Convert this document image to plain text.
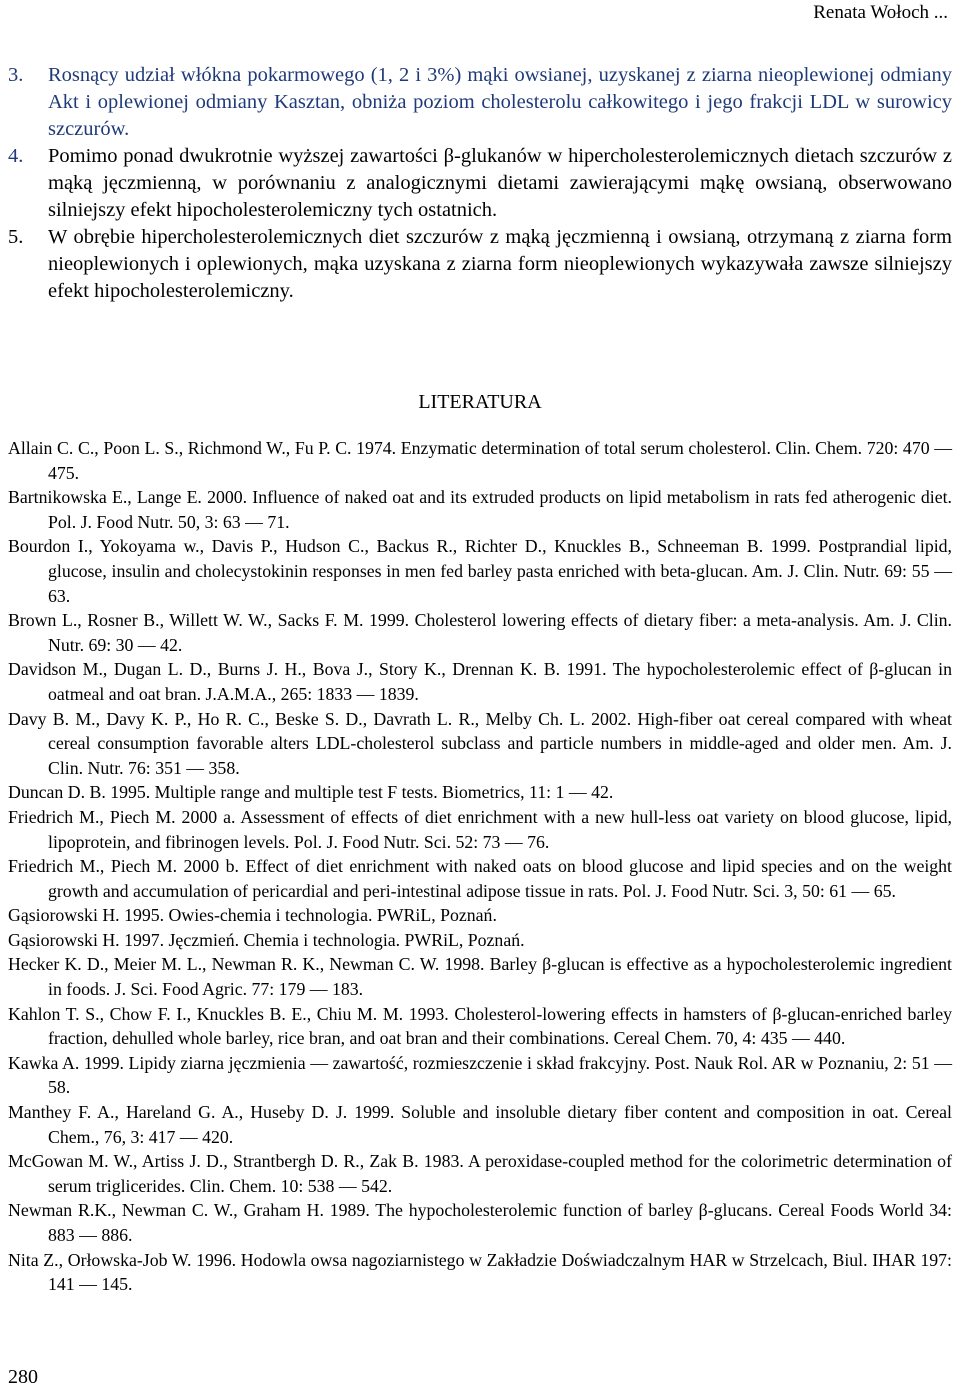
Renata Wołoch ...

3. Rosnący udział włókna pokarmowego (1, 2 i 3%) mąki owsianej, uzyskanej z ziarna nieoplewionej odmiany Akt i oplewionej odmiany Kasztan, obniża poziom cholesterolu całkowitego i jego frakcji LDL w surowicy szczurów.

4. Pomimo ponad dwukrotnie wyższej zawartości β-glukanów w hipercholesterolemicznych dietach szczurów z mąką jęczmienną, w porównaniu z analogicznymi dietami zawierającymi mąkę owsianą, obserwowano silniejszy efekt hipocholesterolemiczny tych ostatnich.

5. W obrębie hipercholesterolemicznych diet szczurów z mąką jęczmienną i owsianą, otrzymaną z ziarna form nieoplewionych i oplewionych, mąka uzyskana z ziarna form nieoplewionych wykazywała zawsze silniejszy efekt hipocholesterolemiczny.

LITERATURA
Allain C. C., Poon L. S., Richmond W., Fu P. C. 1974. Enzymatic determination of total serum cholesterol. Clin. Chem. 720: 470 — 475.
Bartnikowska E., Lange E. 2000. Influence of naked oat and its extruded products on lipid metabolism in rats fed atherogenic diet. Pol. J. Food Nutr. 50, 3: 63 — 71.
Bourdon I., Yokoyama w., Davis P., Hudson C., Backus R., Richter D., Knuckles B., Schneeman B. 1999. Postprandial lipid, glucose, insulin and cholecystokinin responses in men fed barley pasta enriched with beta-glucan. Am. J. Clin. Nutr. 69: 55 — 63.
Brown L., Rosner B., Willett W. W., Sacks F. M. 1999. Cholesterol lowering effects of dietary fiber: a meta-analysis. Am. J. Clin. Nutr. 69: 30 — 42.
Davidson M., Dugan L. D., Burns J. H., Bova J., Story K., Drennan K. B. 1991. The hypocholesterolemic effect of β-glucan in oatmeal and oat bran. J.A.M.A., 265: 1833 — 1839.
Davy B. M., Davy K. P., Ho R. C., Beske S. D., Davrath L. R., Melby Ch. L. 2002. High-fiber oat cereal compared with wheat cereal consumption favorable alters LDL-cholesterol subclass and particle numbers in middle-aged and older men. Am. J. Clin. Nutr. 76: 351 — 358.
Duncan D. B. 1995. Multiple range and multiple test F tests. Biometrics, 11: 1 — 42.
Friedrich M., Piech M. 2000 a. Assessment of effects of diet enrichment with a new hull-less oat variety on blood glucose, lipid, lipoprotein, and fibrinogen levels. Pol. J. Food Nutr. Sci. 52: 73 — 76.
Friedrich M., Piech M. 2000 b. Effect of diet enrichment with naked oats on blood glucose and lipid species and on the weight growth and accumulation of pericardial and peri-intestinal adipose tissue in rats. Pol. J. Food Nutr. Sci. 3, 50: 61 — 65.
Gąsiorowski H. 1995. Owies-chemia i technologia. PWRiL, Poznań.
Gąsiorowski H. 1997. Jęczmień. Chemia i technologia. PWRiL, Poznań.
Hecker K. D., Meier M. L., Newman R. K., Newman C. W. 1998. Barley β-glucan is effective as a hypocholesterolemic ingredient in foods. J. Sci. Food Agric. 77: 179 — 183.
Kahlon T. S., Chow F. I., Knuckles B. E., Chiu M. M. 1993. Cholesterol-lowering effects in hamsters of β-glucan-enriched barley fraction, dehulled whole barley, rice bran, and oat bran and their combinations. Cereal Chem. 70, 4: 435 — 440.
Kawka A. 1999. Lipidy ziarna jęczmienia — zawartość, rozmieszczenie i skład frakcyjny. Post. Nauk Rol. AR w Poznaniu, 2: 51 — 58.
Manthey F. A., Hareland G. A., Huseby D. J. 1999. Soluble and insoluble dietary fiber content and composition in oat. Cereal Chem., 76, 3: 417 — 420.
McGowan M. W., Artiss J. D., Strantbergh D. R., Zak B. 1983. A peroxidase-coupled method for the colorimetric determination of serum triglicerides. Clin. Chem. 10: 538 — 542.
Newman R.K., Newman C. W., Graham H. 1989. The hypocholesterolemic function of barley β-glucans. Cereal Foods World 34: 883 — 886.
Nita Z., Orłowska-Job W. 1996. Hodowla owsa nagoziarnistego w Zakładzie Doświadczalnym HAR w Strzelcach, Biul. IHAR 197: 141 — 145.
280
